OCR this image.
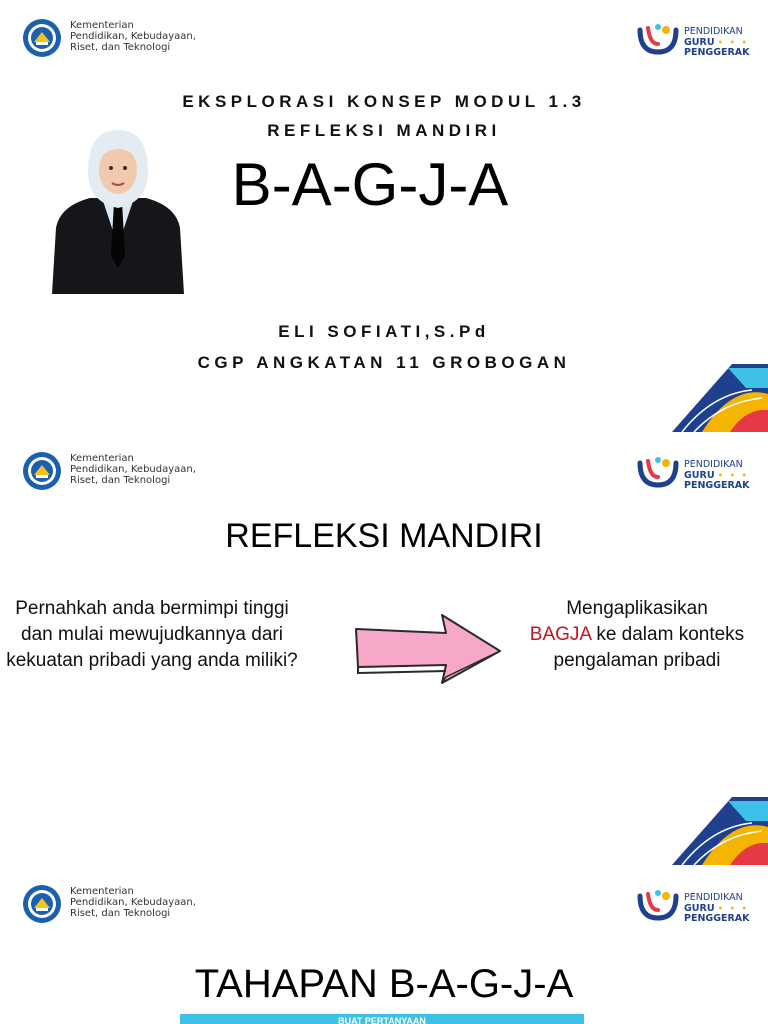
Kementerian
Pendidikan, Kebudayaan,
Riset, dan Teknologi
PENDIDIKAN
GURU • • •
PENGGERAK
EKSPLORASI KONSEP MODUL 1.3
REFLEKSI MANDIRI
B-A-G-J-A
ELI SOFIATI,S.Pd
CGP ANGKATAN 11 GROBOGAN
Kementerian
Pendidikan, Kebudayaan,
Riset, dan Teknologi
PENDIDIKAN
GURU • • •
PENGGERAK
REFLEKSI MANDIRI
Pernahkah anda bermimpi tinggi dan mulai mewujudkannya dari kekuatan pribadi yang anda miliki?
Mengaplikasikan
BAGJA ke dalam konteks pengalaman pribadi
Kementerian
Pendidikan, Kebudayaan,
Riset, dan Teknologi
PENDIDIKAN
GURU • • •
PENGGERAK
TAHAPAN B-A-G-J-A
BUAT PERTANYAAN
